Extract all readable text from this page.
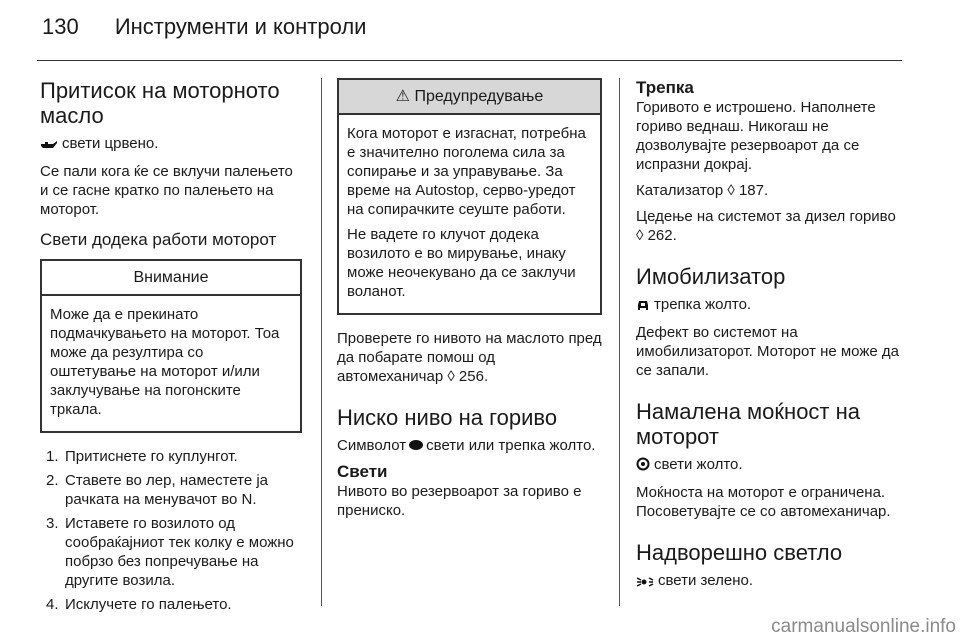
130 Инструменти и контроли
Притисок на моторното масло

свети црвено.

Се пали кога ќе се вклучи палењето и се гасне кратко по палењето на моторот.

Свети додека работи моторот
Внимание

Може да е прекинато подмачкувањето на моторот. Тоа може да резултира со оштетување на моторот и/или заклучување на погонските тркала.

1. Притиснете го куплунгот.
2. Ставете во лер, наместете ја рачката на менувачот во N.
3. Иставете го возилото од сообраќајниот тек колку е можно побрзо без попречување на другите возила.
4. Исклучете го палењето.
⚠ Предупредување

Кога моторот е изгаснат, потребна е значително поголема сила за сопирање и за управување. За време на Autostop, серво-уредот на сопирачките сеуште работи.

Не вадете го клучот додека возилото е во мирување, инаку може неочекувано да се заклучи воланот.

Проверете го нивото на маслото пред да побарате помош од автомеханичар ◊ 256.

Ниско ниво на гориво

Символот свети или трепка жолто.

Свети

Нивото во резервоарот за гориво е прениско.

Трепка

Горивото е истрошено. Наполнете гориво веднаш. Никогаш не дозволувајте резервоарот да се испразни докрај.

Катализатор ◊ 187.

Цедење на системот за дизел гориво ◊ 262.

Имобилизатор

трепка жолто.

Дефект во системот на имобилизаторот. Моторот не може да се запали.

Намалена моќност на моторот

свети жолто.

Моќноста на моторот е ограничена. Посоветувајте се со автомеханичар.

Надворешно светло

свети зелено.

carmanualsonline.info
